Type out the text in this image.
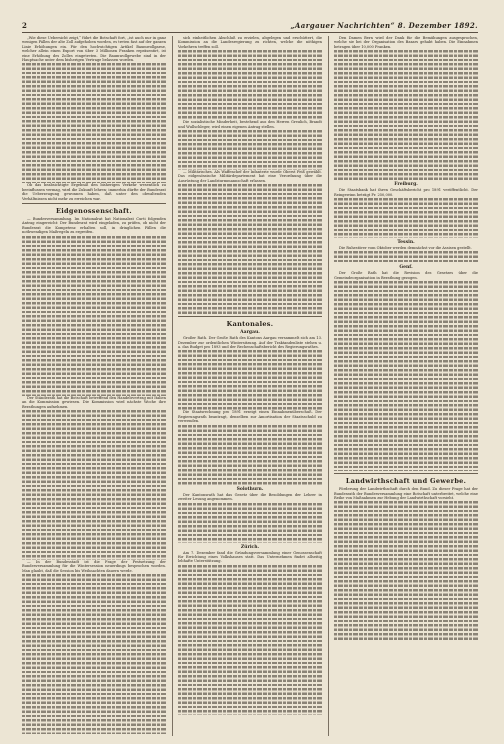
2	„Aargauer Nachrichten“ 8. Dezember 1892.

„Wie diese Uebersicht zeigt,“ führt die Botschaft fort, „ist auch nur in ganz wenigen Fällen der alte Zoll aufgehoben worden, es treten fast auf der ganzen Linie Erhöhungen ein. Für den hochwichtigen Artikel Baumwollgarne, welcher allein einen Export von über 3 Millionen Franken repräsentirt, ist eine Erhöhung des Zolles eingetreten. Die Baumwollgewebe sind in der Hauptsache unter dem bisherigen Vertrage belassen worden.

Ob das beabsichtigte Ergebniß den bisherigen Verkehr wesentlich zu beeinflussen vermag, wird die Zukunft lehren; immerhin dürfte der Bundesrat die Ueberzeugung gewonnen haben, daß unter den obwaltenden Verhältnissen nicht mehr zu erreichen war.

Eidgenossenschaft.

— Bundesversammlung. Im Nationalrat hat Nationalrat Curti folgenden Antrag eingereicht: Der Bundesrat wird eingeladen, zu prüfen, ob nicht der Bundesrat die Kompetenz erhalten soll, in dringlichen Fällen die nothwendigen Maßregeln zu ergreifen.

Der Ständerath hat die Botschaft betreffend den Handelsvertrag mit Italien an die Kommission gewiesen. Die Kommission wird nächste Woche ihre Berathungen aufnehmen.

— In der Bundesstadt ist die Frage der Festsetzung der Bundesversammlung für die Wintersession neuerdings besprochen worden. Man glaubt, daß die Session bis Weihnachten dauern werde.

sich einheitlichen Abschluß zu erzielen, abgelegen und erschüttert, die Kommission an die Landesregierung zu richten, welche die nöthigen Vorkehren treffen soll.

Die sozialistische Minderheit, bestehend aus den Herren Greulich, Brandt und Wullschleger, wird einen eigenen Antrag stellen.

— Militärisches. Als Waffenchef der Infanterie wurde Oberst Feiß gewählt. Das eidgenössische Militärdepartement hat eine Verordnung über die Ausrüstung der Landsturmmannschaft erlassen.

Kantonales.
Aargau.

Großer Rath. Der Große Rath des Kantons Aargau versammelt sich am 13. Dezember zur ordentlichen Wintersitzung. Auf der Traktandenliste stehen u. a. das Budget pro 1893 und der Rechenschaftsbericht des Regierungsrathes.

Die Staatsrechnung pro 1891 erzeigt einen Einnahmenüberschuß. Der Regierungsrath beantragt, denselben zur Amortisation der Staatsschuld zu verwenden.

Solothurn.

Der Kantonsrath hat das Gesetz über die Besoldungen der Lehrer in zweiter Lesung angenommen.

Zürich.

Am 7. Dezember fand die Gründungsversammlung einer Genossenschaft für Errichtung eines Volkshauses statt. Das Unternehmen findet allseitig lebhafte Unterstützung.

Den Damen Bern wird der Dank für die Bemühungen ausgesprochen, welche sie bei der Organisation des Bazars gehabt haben. Die Einnahmen betragen über 10,000 Franken.

Freiburg.

Die Staatsbank hat ihren Geschäftsbericht pro 1891 veröffentlicht. Der Reingewinn beträgt Fr. 250,000.

Tessin.

Die Ruhestörer vom Oktober werden demnächst vor die Assisen gestellt.

Genf.

Der Große Rath hat die Revision des Gesetzes über die Gemeindeorganisation in Berathung gezogen.

Landwirthschaft und Gewerbe.

Förderung der Landwirthschaft durch den Bund. Zu dieser Frage hat der Bundesrath der Bundesversammlung eine Botschaft unterbreitet, welche eine Reihe von Maßnahmen zur Hebung der Landwirthschaft vorsieht.
